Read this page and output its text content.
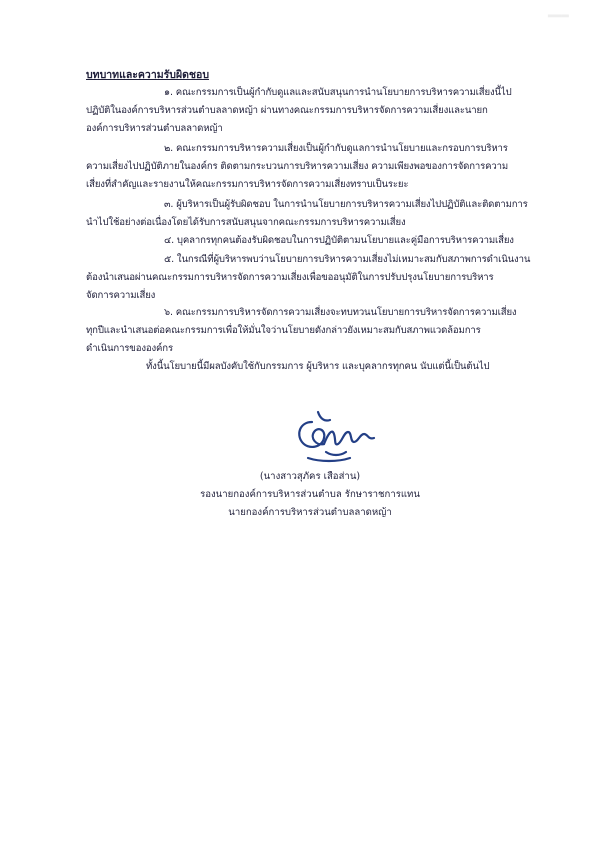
▂▂▂
บทบาทและความรับผิดชอบ
๑. คณะกรรมการเป็นผู้กำกับดูแลและสนับสนุนการนำนโยบายการบริหารความเสี่ยงนี้ไป
ปฏิบัติในองค์การบริหารส่วนตำบลลาดหญ้า ผ่านทางคณะกรรมการบริหารจัดการความเสี่ยงและนายก
องค์การบริหารส่วนตำบลลาดหญ้า
๒. คณะกรรมการบริหารความเสี่ยงเป็นผู้กำกับดูแลการนำนโยบายและกรอบการบริหาร
ความเสี่ยงไปปฏิบัติภายในองค์กร ติดตามกระบวนการบริหารความเสี่ยง ความเพียงพอของการจัดการความ
เสี่ยงที่สำคัญและรายงานให้คณะกรรมการบริหารจัดการความเสี่ยงทราบเป็นระยะ
๓. ผู้บริหารเป็นผู้รับผิดชอบ ในการนำนโยบายการบริหารความเสี่ยงไปปฏิบัติและติดตามการ
นำไปใช้อย่างต่อเนื่องโดยได้รับการสนับสนุนจากคณะกรรมการบริหารความเสี่ยง
๔. บุคลากรทุกคนต้องรับผิดชอบในการปฏิบัติตามนโยบายและคู่มือการบริหารความเสี่ยง
๕. ในกรณีที่ผู้บริหารพบว่านโยบายการบริหารความเสี่ยงไม่เหมาะสมกับสภาพการดำเนินงาน
ต้องนำเสนอผ่านคณะกรรมการบริหารจัดการความเสี่ยงเพื่อขออนุมัติในการปรับปรุงนโยบายการบริหาร
จัดการความเสี่ยง
๖. คณะกรรมการบริหารจัดการความเสี่ยงจะทบทวนนโยบายการบริหารจัดการความเสี่ยง
ทุกปีและนำเสนอต่อคณะกรรมการเพื่อให้มั่นใจว่านโยบายดังกล่าวยังเหมาะสมกับสภาพแวดล้อมการ
ดำเนินการขององค์กร
ทั้งนี้นโยบายนี้มีผลบังคับใช้กับกรรมการ ผู้บริหาร และบุคลากรทุกคน นับแต่นี้เป็นต้นไป
(นางสาวสุภัคร เสือส่าน)
รองนายกองค์การบริหารส่วนตำบล รักษาราชการแทน
นายกองค์การบริหารส่วนตำบลลาดหญ้า
